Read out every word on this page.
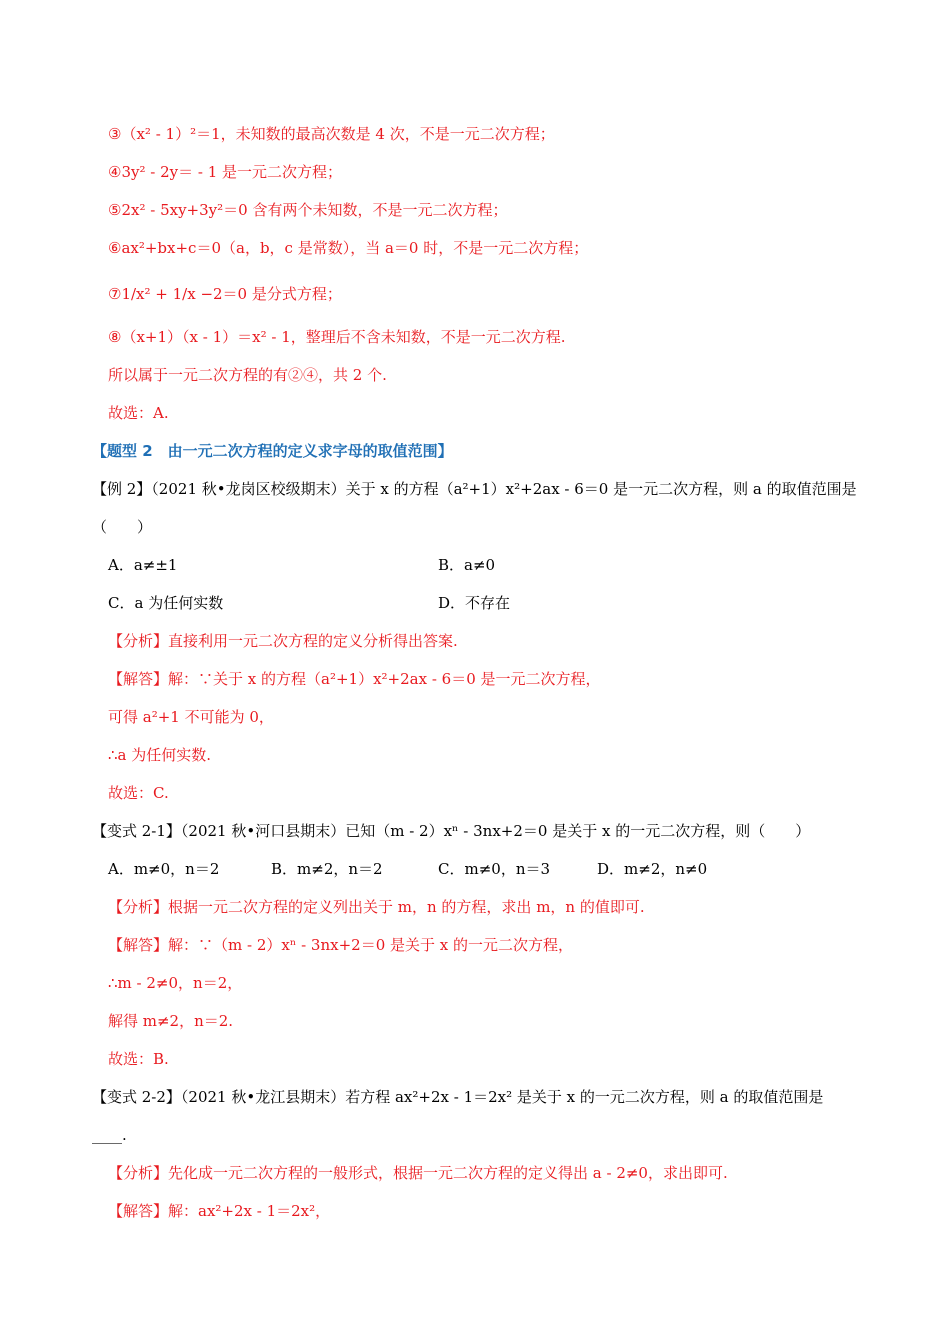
③（x² - 1）²＝1，未知数的最高次数是 4 次，不是一元二次方程；
④3y² - 2y＝ - 1 是一元二次方程；
⑤2x² - 5xy+3y²＝0 含有两个未知数，不是一元二次方程；
⑥ax²+bx+c＝0（a，b，c 是常数），当 a＝0 时，不是一元二次方程；
⑦1/x² + 1/x −2＝0 是分式方程；
⑧（x+1）（x - 1）＝x² - 1，整理后不含未知数，不是一元二次方程.
所以属于一元二次方程的有②④，共 2 个.
故选：A.
【题型 2　由一元二次方程的定义求字母的取值范围】
【例 2】（2021 秋•龙岗区校级期末）关于 x 的方程（a²+1）x²+2ax - 6＝0 是一元二次方程，则 a 的取值范围是（　　）
A．a≠±1	B．a≠0
C．a 为任何实数	D．不存在
【分析】直接利用一元二次方程的定义分析得出答案.
【解答】解：∵关于 x 的方程（a²+1）x²+2ax - 6＝0 是一元二次方程，
可得 a²+1 不可能为 0，
∴a 为任何实数.
故选：C.
【变式 2-1】（2021 秋•河口县期末）已知（m - 2）xⁿ - 3nx+2＝0 是关于 x 的一元二次方程，则（　　）
A．m≠0，n＝2	B．m≠2，n＝2	C．m≠0，n＝3	D．m≠2，n≠0
【分析】根据一元二次方程的定义列出关于 m，n 的方程，求出 m，n 的值即可.
【解答】解：∵（m - 2）xⁿ - 3nx+2＝0 是关于 x 的一元二次方程，
∴m - 2≠0，n＝2，
解得 m≠2，n＝2.
故选：B.
【变式 2-2】（2021 秋•龙江县期末）若方程 ax²+2x - 1＝2x² 是关于 x 的一元二次方程，则 a 的取值范围是 ____.
【分析】先化成一元二次方程的一般形式，根据一元二次方程的定义得出 a - 2≠0，求出即可.
【解答】解：ax²+2x - 1＝2x²，
